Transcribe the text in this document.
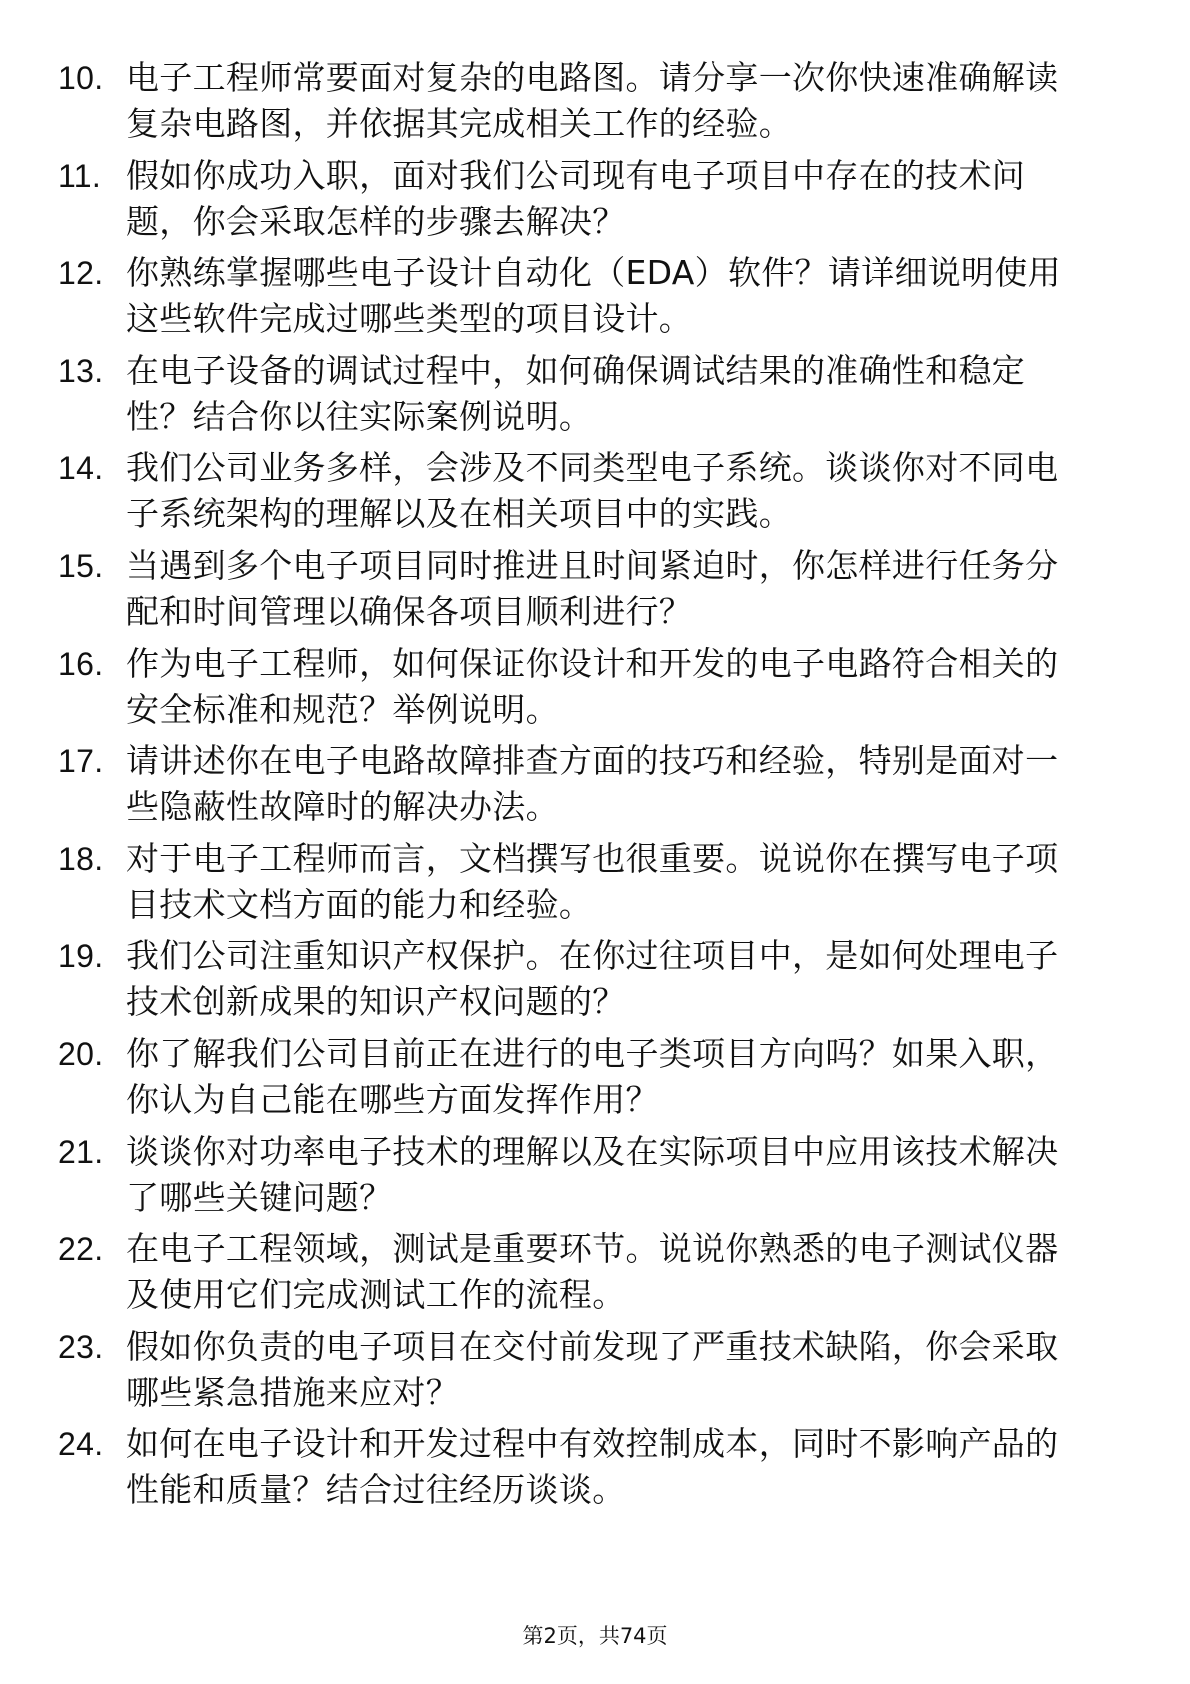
10. 电子工程师常要面对复杂的电路图。请分享一次你快速准确解读
复杂电路图，并依据其完成相关工作的经验。
11. 假如你成功入职，面对我们公司现有电子项目中存在的技术问
题，你会采取怎样的步骤去解决？
12. 你熟练掌握哪些电子设计自动化（EDA）软件？请详细说明使用
这些软件完成过哪些类型的项目设计。
13. 在电子设备的调试过程中，如何确保调试结果的准确性和稳定
性？结合你以往实际案例说明。
14. 我们公司业务多样，会涉及不同类型电子系统。谈谈你对不同电
子系统架构的理解以及在相关项目中的实践。
15. 当遇到多个电子项目同时推进且时间紧迫时，你怎样进行任务分
配和时间管理以确保各项目顺利进行？
16. 作为电子工程师，如何保证你设计和开发的电子电路符合相关的
安全标准和规范？举例说明。
17. 请讲述你在电子电路故障排查方面的技巧和经验，特别是面对一
些隐蔽性故障时的解决办法。
18. 对于电子工程师而言，文档撰写也很重要。说说你在撰写电子项
目技术文档方面的能力和经验。
19. 我们公司注重知识产权保护。在你过往项目中，是如何处理电子
技术创新成果的知识产权问题的？
20. 你了解我们公司目前正在进行的电子类项目方向吗？如果入职，
你认为自己能在哪些方面发挥作用？
21. 谈谈你对功率电子技术的理解以及在实际项目中应用该技术解决
了哪些关键问题？
22. 在电子工程领域，测试是重要环节。说说你熟悉的电子测试仪器
及使用它们完成测试工作的流程。
23. 假如你负责的电子项目在交付前发现了严重技术缺陷，你会采取
哪些紧急措施来应对？
24. 如何在电子设计和开发过程中有效控制成本，同时不影响产品的
性能和质量？结合过往经历谈谈。
第2页，共74页
